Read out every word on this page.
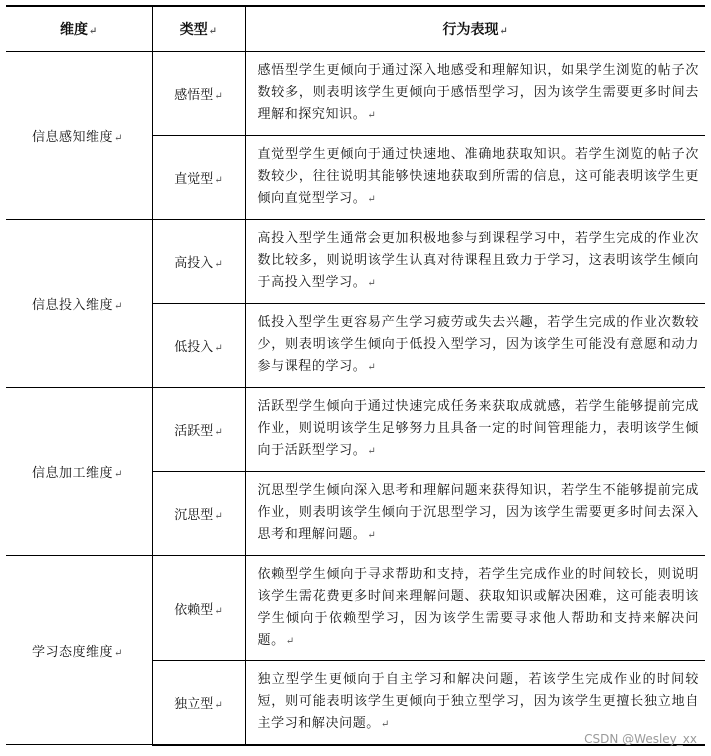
维度↵	类型↵	行为表现↵
信息感知维度↵	感悟型↵	感悟型学生更倾向于通过深入地感受和理解知识，如果学生浏览的帖子次数较多，则表明该学生更倾向于感悟型学习，因为该学生需要更多时间去理解和探究知识。↵
	直觉型↵	直觉型学生更倾向于通过快速地、准确地获取知识。若学生浏览的帖子次数较少，往往说明其能够快速地获取到所需的信息，这可能表明该学生更倾向直觉型学习。↵
信息投入维度↵	高投入↵	高投入型学生通常会更加积极地参与到课程学习中，若学生完成的作业次数比较多，则说明该学生认真对待课程且致力于学习，这表明该学生倾向于高投入型学习。↵
	低投入↵	低投入型学生更容易产生学习疲劳或失去兴趣，若学生完成的作业次数较少，则表明该学生倾向于低投入型学习，因为该学生可能没有意愿和动力参与课程的学习。↵
信息加工维度↵	活跃型↵	活跃型学生倾向于通过快速完成任务来获取成就感，若学生能够提前完成作业，则说明该学生足够努力且具备一定的时间管理能力，表明该学生倾向于活跃型学习。↵
	沉思型↵	沉思型学生倾向深入思考和理解问题来获得知识，若学生不能够提前完成作业，则表明该学生倾向于沉思型学习，因为该学生需要更多时间去深入思考和理解问题。↵
学习态度维度↵	依赖型↵	依赖型学生倾向于寻求帮助和支持，若学生完成作业的时间较长，则说明该学生需花费更多时间来理解问题、获取知识或解决困难，这可能表明该学生倾向于依赖型学习，因为该学生需要寻求他人帮助和支持来解决问题。↵
	独立型↵	独立型学生更倾向于自主学习和解决问题，若该学生完成作业的时间较短，则可能表明该学生更倾向于独立型学习，因为该学生更擅长独立地自主学习和解决问题。↵
CSDN @Wesley_xx
